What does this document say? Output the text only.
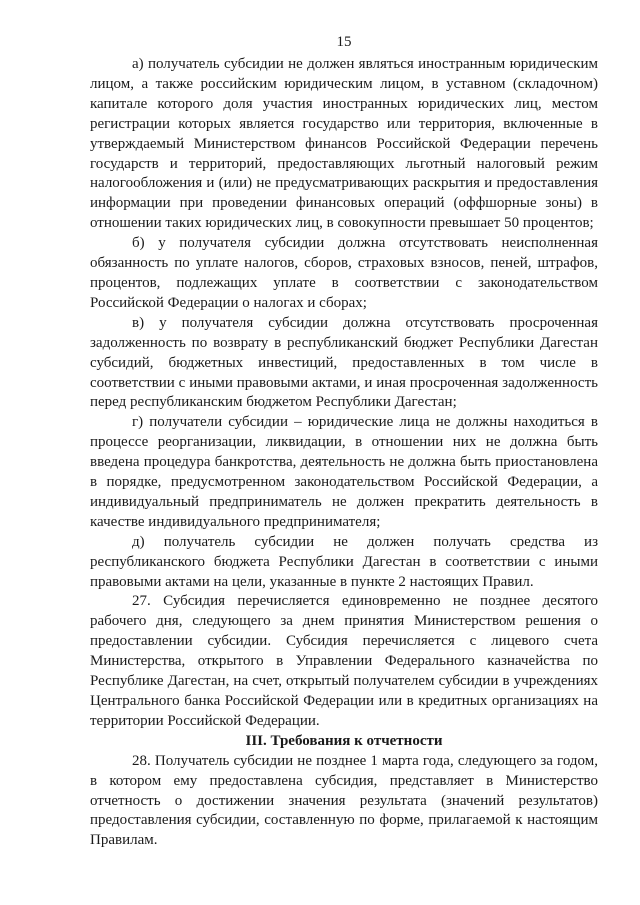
15

а) получатель субсидии не должен являться иностранным юридическим лицом, а также российским юридическим лицом, в уставном (складочном) капитале которого доля участия иностранных юридических лиц, местом регистрации которых является государство или территория, включенные в утверждаемый Министерством финансов Российской Федерации перечень государств и территорий, предоставляющих льготный налоговый режим налогообложения и (или) не предусматривающих раскрытия и предоставления информации при проведении финансовых операций (оффшорные зоны) в отношении таких юридических лиц, в совокупности превышает 50 процентов;

б) у получателя субсидии должна отсутствовать неисполненная обязанность по уплате налогов, сборов, страховых взносов, пеней, штрафов, процентов, подлежащих уплате в соответствии с законодательством Российской Федерации о налогах и сборах;

в) у получателя субсидии должна отсутствовать просроченная задолженность по возврату в республиканский бюджет Республики Дагестан субсидий, бюджетных инвестиций, предоставленных в том числе в соответствии с иными правовыми актами, и иная просроченная задолженность перед республиканским бюджетом Республики Дагестан;

г) получатели субсидии – юридические лица не должны находиться в процессе реорганизации, ликвидации, в отношении них не должна быть введена процедура банкротства, деятельность не должна быть приостановлена в порядке, предусмотренном законодательством Российской Федерации, а индивидуальный предприниматель не должен прекратить деятельность в качестве индивидуального предпринимателя;

д) получатель субсидии не должен получать средства из республиканского бюджета Республики Дагестан в соответствии с иными правовыми актами на цели, указанные в пункте 2 настоящих Правил.

27. Субсидия перечисляется единовременно не позднее десятого рабочего дня, следующего за днем принятия Министерством решения о предоставлении субсидии. Субсидия перечисляется с лицевого счета Министерства, открытого в Управлении Федерального казначейства по Республике Дагестан, на счет, открытый получателем субсидии в учреждениях Центрального банка Российской Федерации или в кредитных организациях на территории Российской Федерации.

III. Требования к отчетности

28. Получатель субсидии не позднее 1 марта года, следующего за годом, в котором ему предоставлена субсидия, представляет в Министерство отчетность о достижении значения результата (значений результатов) предоставления субсидии, составленную по форме, прилагаемой к настоящим Правилам.
